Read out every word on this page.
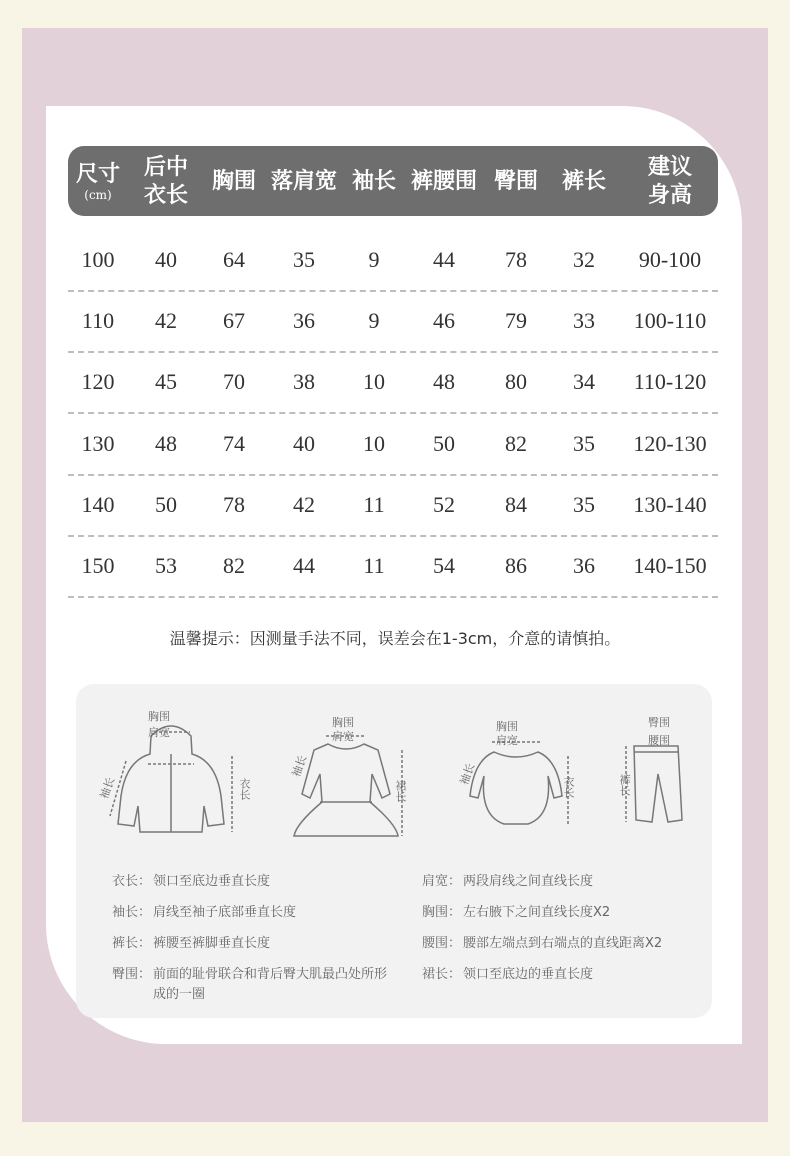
尺寸
(cm)
后中
衣长
胸围 落肩宽 袖长 裤腰围 臀围 裤长
建议
身高
100 40 64 35 9 44 78 32 90-100
110 42 67 36 9 46 79 33 100-110
120 45 70 38 10 48 80 34 110-120
130 48 74 40 10 50 82 35 120-130
140 50 78 42 11 52 84 35 130-140
150 53 82 44 11 54 86 36 140-150
温馨提示：因测量手法不同，误差会在1-3cm，介意的请慎拍。
胸围
肩宽
袖长	衣长
胸围
肩宽
袖长
裙长
胸围
肩宽
袖长
衣长
臀围
腰围
裤长
衣长： 领口至底边垂直长度
袖长： 肩线至袖子底部垂直长度
裤长： 裤腰至裤脚垂直长度
臀围： 前面的耻骨联合和背后臀大肌最凸处所形成的一圈
肩宽： 两段肩线之间直线长度
胸围： 左右腋下之间直线长度X2
腰围： 腰部左端点到右端点的直线距离X2
裙长： 领口至底边的垂直长度
